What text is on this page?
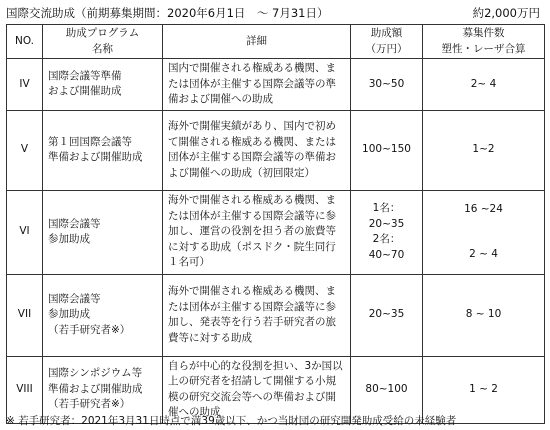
国際交流助成（前期募集期間：2020年6月1日　～ 7月31日）	約2,000万円
NO.	助成プログラム
名称	詳細	助成額
（万円）	募集件数
塑性・レーザ合算

IV	国際会議等準備
および開催助成	国内で開催される権威ある機関、または団体が主催する国際会議等の準備および開催への助成	30~50	2~ 4

V	第１回国際会議等
準備および開催助成	海外で開催実績があり、国内で初めて開催される権威ある機関、または団体が主催する国際会議等の準備および開催への助成（初回限定）	100~150	1~2

VI	国際会議等
参加助成	海外で開催される権威ある機関、または団体が主催する国際会議等に参加し、運営の役割を担う者の旅費等に対する助成（ポスドク・院生同行１名可）	1名：
20~35
2名：
40~70	16 ~24
2 ~ 4

VII	国際会議等
参加助成
（若手研究者※）	海外で開催される権威ある機関、または団体が主催する国際会議等に参加し、発表等を行う若手研究者の旅費等に対する助成	20~35	8 ~ 10

VIII	国際シンポジウム等
準備および開催助成
（若手研究者※）	自らが中心的な役割を担い、3か国以上の研究者を招請して開催する小規模の研究交流会等への準備および開催への助成	80~100	1 ~ 2
※ 若手研究者：2021年3月31日時点で満39歳以下、かつ当財団の研究開発助成受給の未経験者
